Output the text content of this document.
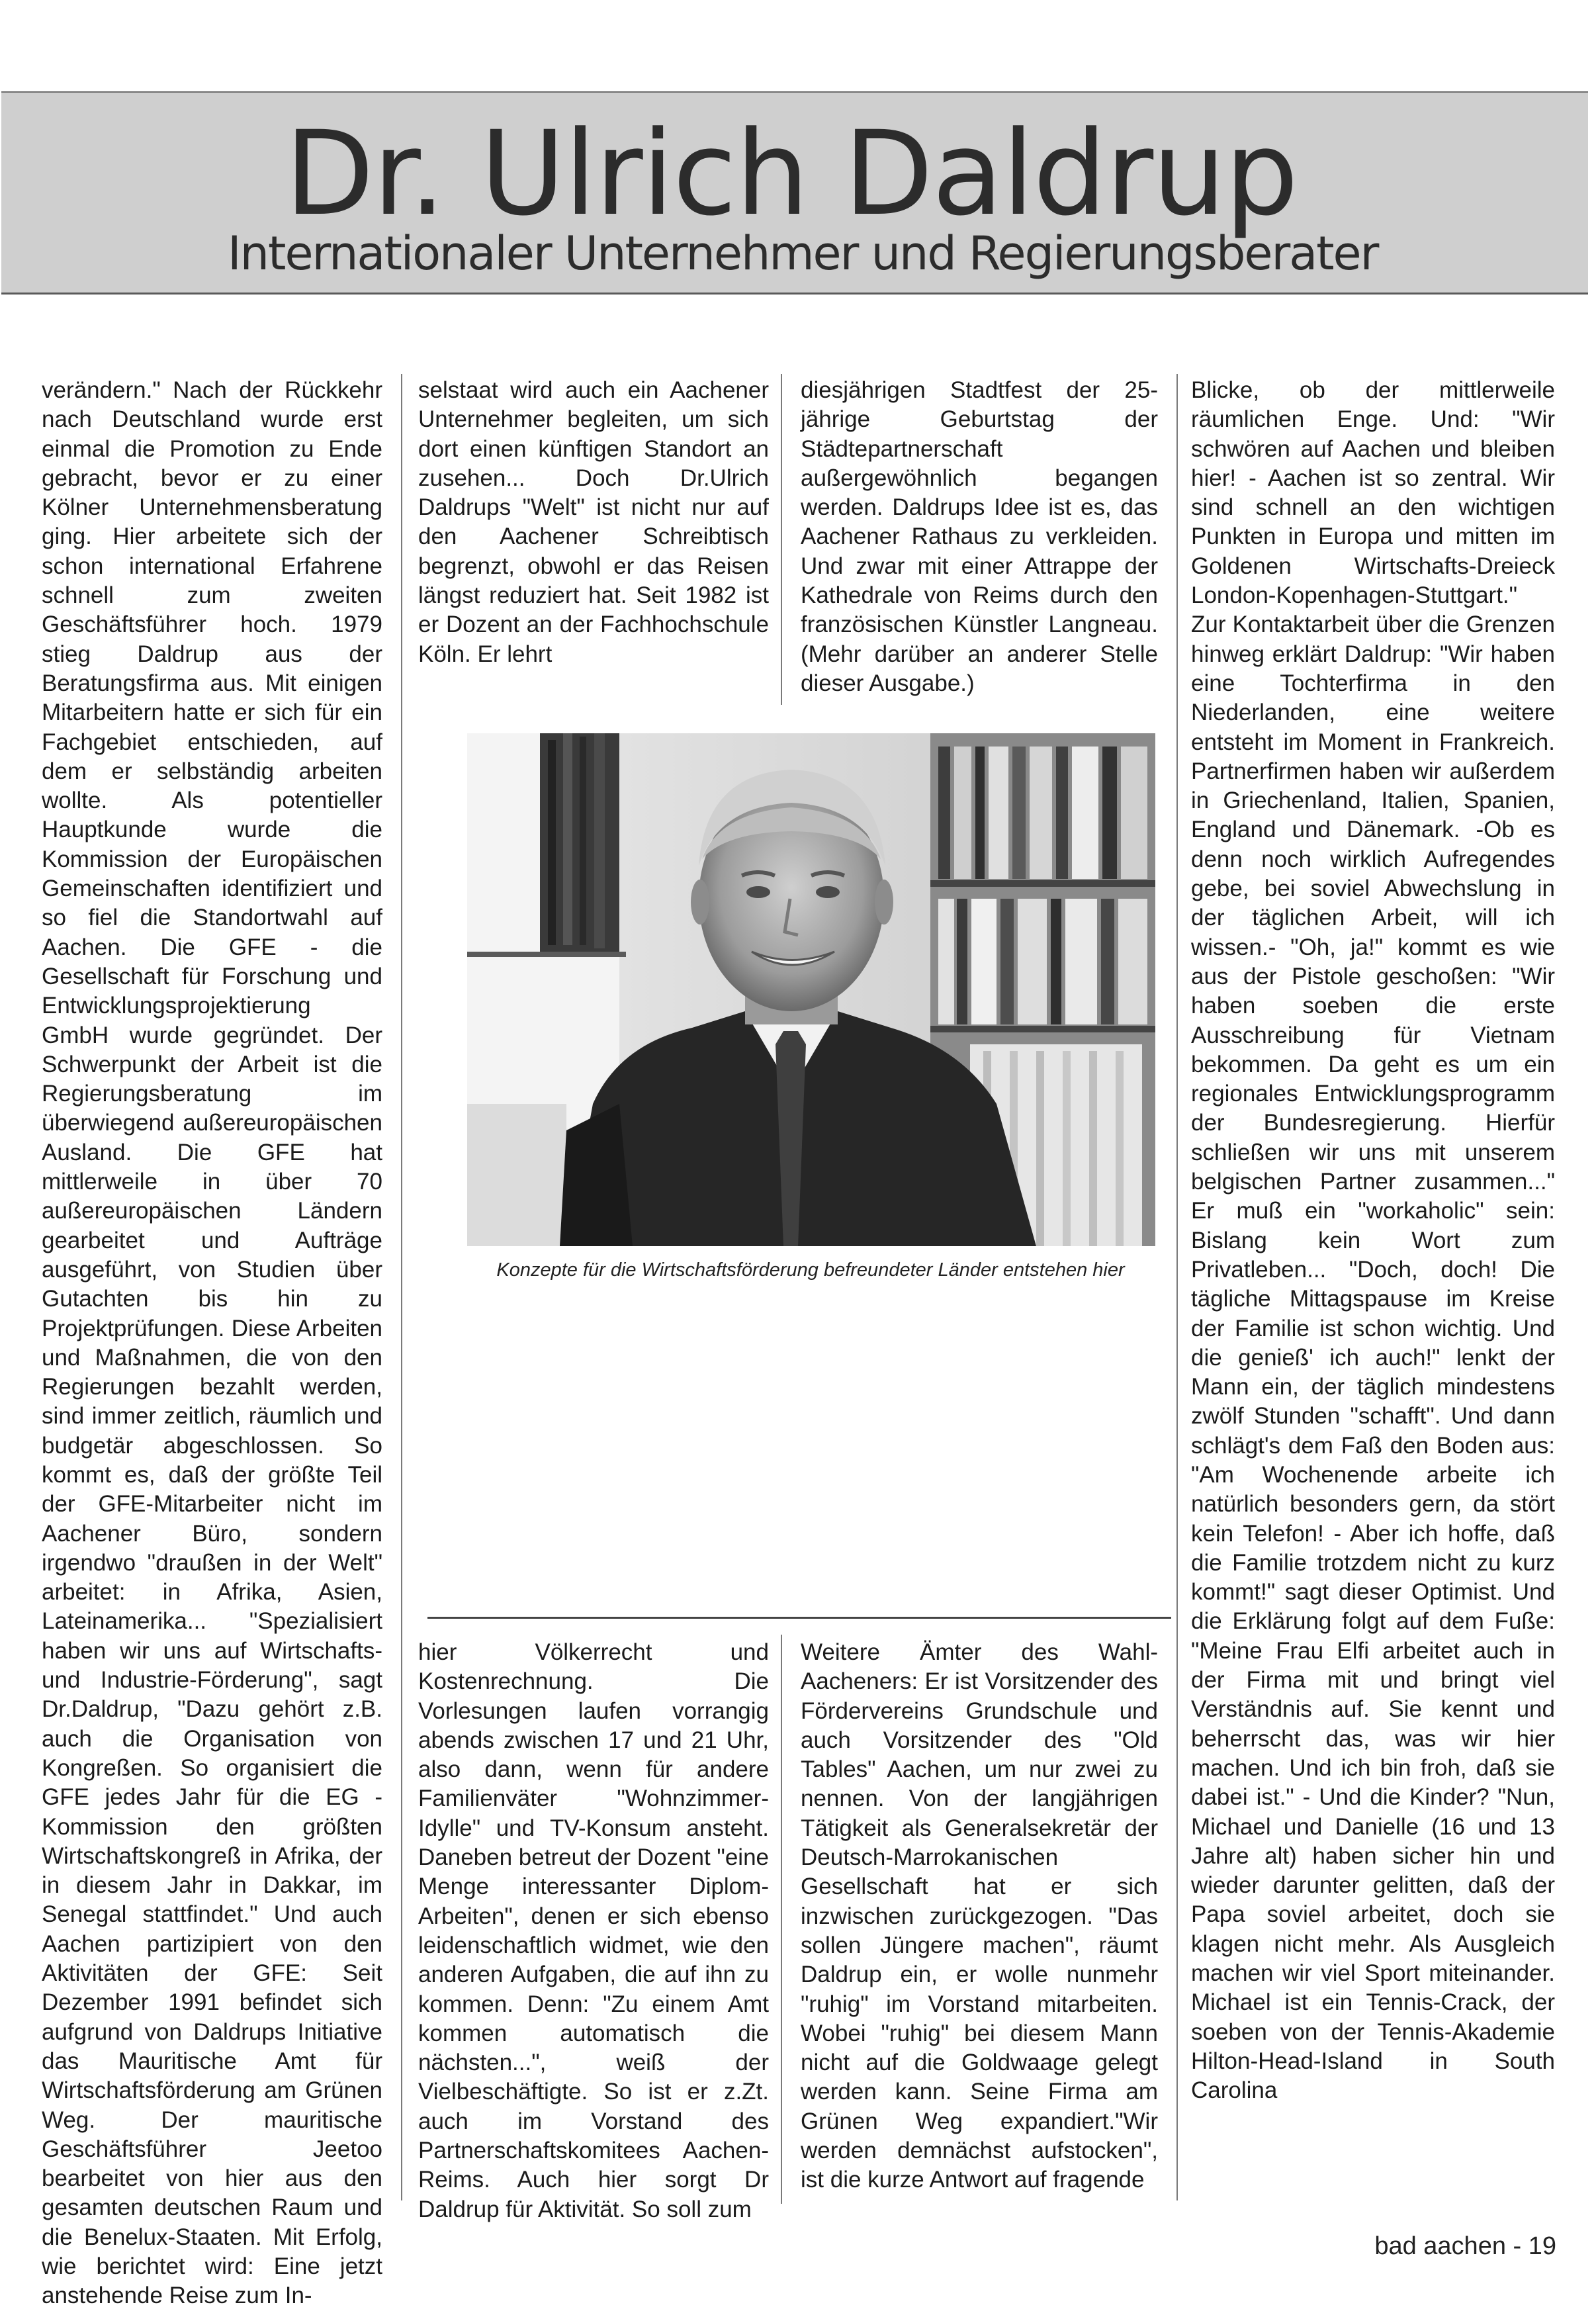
Dr. Ulrich Daldrup
Internationaler Unternehmer und Regierungsberater

verändern." Nach der Rückkehr nach Deutschland wurde erst einmal die Promotion zu Ende gebracht, bevor er zu einer Kölner Unternehmensberatung ging. Hier arbeitete sich der schon international Erfahrene schnell zum zweiten Geschäftsführer hoch. 1979 stieg Daldrup aus der Beratungsfirma aus. Mit einigen Mitarbeitern hatte er sich für ein Fachgebiet entschieden, auf dem er selbständig arbeiten wollte. Als potentieller Hauptkunde wurde die Kommission der Europäischen Gemeinschaften identifiziert und so fiel die Standortwahl auf Aachen. Die GFE - die Gesellschaft für Forschung und Entwicklungsprojektierung GmbH wurde gegründet. Der Schwerpunkt der Arbeit ist die Regierungsberatung im überwiegend außereuropäischen Ausland. Die GFE hat mittlerweile in über 70 außereuropäischen Ländern gearbeitet und Aufträge ausgeführt, von Studien über Gutachten bis hin zu Projektprüfungen. Diese Arbeiten und Maßnahmen, die von den Regierungen bezahlt werden, sind immer zeitlich, räumlich und budgetär abgeschlossen. So kommt es, daß der größte Teil der GFE-Mitarbeiter nicht im Aachener Büro, sondern irgendwo "draußen in der Welt" arbeitet: in Afrika, Asien, Lateinamerika... "Spezialisiert haben wir uns auf Wirtschafts- und Industrie-Förderung", sagt Dr.Daldrup, "Dazu gehört z.B. auch die Organisation von Kongreßen. So organisiert die GFE jedes Jahr für die EG - Kommission den größten Wirtschaftskongreß in Afrika, der in diesem Jahr in Dakkar, im Senegal stattfindet." Und auch Aachen partizipiert von den Aktivitäten der GFE: Seit Dezember 1991 befindet sich aufgrund von Daldrups Initiative das Mauritische Amt für Wirtschaftsförderung am Grünen Weg. Der mauritische Geschäftsführer Jeetoo bearbeitet von hier aus den gesamten deutschen Raum und die Benelux-Staaten. Mit Erfolg, wie berichtet wird: Eine jetzt anstehende Reise zum In-

selstaat wird auch ein Aachener Unternehmer begleiten, um sich dort einen künftigen Standort an zusehen... Doch Dr.Ulrich Daldrups "Welt" ist nicht nur auf den Aachener Schreibtisch begrenzt, obwohl er das Reisen längst reduziert hat. Seit 1982 ist er Dozent an der Fachhochschule Köln. Er lehrt

diesjährigen Stadtfest der 25-jährige Geburtstag der Städtepartnerschaft außergewöhnlich begangen werden. Daldrups Idee ist es, das Aachener Rathaus zu verkleiden. Und zwar mit einer Attrappe der Kathedrale von Reims durch den französischen Künstler Langneau. (Mehr darüber an anderer Stelle dieser Ausgabe.)

Blicke, ob der mittlerweile räumlichen Enge. Und: "Wir schwören auf Aachen und bleiben hier! - Aachen ist so zentral. Wir sind schnell an den wichtigen Punkten in Europa und mitten im Goldenen Wirtschafts-Dreieck London-Kopenhagen-Stuttgart." Zur Kontaktarbeit über die Grenzen hinweg erklärt Daldrup: "Wir haben eine Tochterfirma in den Niederlanden, eine weitere entsteht im Moment in Frankreich. Partnerfirmen haben wir außerdem in Griechenland, Italien, Spanien, England und Dänemark. -Ob es denn noch wirklich Aufregendes gebe, bei soviel Abwechslung in der täglichen Arbeit, will ich wissen.- "Oh, ja!" kommt es wie aus der Pistole geschoßen: "Wir haben soeben die erste Ausschreibung für Vietnam bekommen. Da geht es um ein regionales Entwicklungsprogramm der Bundesregierung. Hierfür schließen wir uns mit unserem belgischen Partner zusammen..." Er muß ein "workaholic" sein: Bislang kein Wort zum Privatleben... "Doch, doch! Die tägliche Mittagspause im Kreise der Familie ist schon wichtig. Und die genieß' ich auch!" lenkt der Mann ein, der täglich mindestens zwölf Stunden "schafft". Und dann schlägt's dem Faß den Boden aus: "Am Wochenende arbeite ich natürlich besonders gern, da stört kein Telefon! - Aber ich hoffe, daß die Familie trotzdem nicht zu kurz kommt!" sagt dieser Optimist. Und die Erklärung folgt auf dem Fuße: "Meine Frau Elfi arbeitet auch in der Firma mit und bringt viel Verständnis auf. Sie kennt und beherrscht das, was wir hier machen. Und ich bin froh, daß sie dabei ist." - Und die Kinder? "Nun, Michael und Danielle (16 und 13 Jahre alt) haben sicher hin und wieder darunter gelitten, daß der Papa soviel arbeitet, doch sie klagen nicht mehr. Als Ausgleich machen wir viel Sport miteinander. Michael ist ein Tennis-Crack, der soeben von der Tennis-Akademie Hilton-Head-Island in South Carolina

Konzepte für die Wirtschaftsförderung befreundeter Länder entstehen hier

hier Völkerrecht und Kostenrechnung. Die Vorlesungen laufen vorrangig abends zwischen 17 und 21 Uhr, also dann, wenn für andere Familienväter "Wohnzimmer-Idylle" und TV-Konsum ansteht. Daneben betreut der Dozent "eine Menge interessanter Diplom-Arbeiten", denen er sich ebenso leidenschaftlich widmet, wie den anderen Aufgaben, die auf ihn zu kommen. Denn: "Zu einem Amt kommen automatisch die nächsten...", weiß der Vielbeschäftigte. So ist er z.Zt. auch im Vorstand des Partnerschaftskomitees Aachen-Reims. Auch hier sorgt Dr Daldrup für Aktivität. So soll zum

Weitere Ämter des Wahl-Aacheners: Er ist Vorsitzender des Fördervereins Grundschule und auch Vorsitzender des "Old Tables" Aachen, um nur zwei zu nennen. Von der langjährigen Tätigkeit als Generalsekretär der Deutsch-Marrokanischen Gesellschaft hat er sich inzwischen zurückgezogen. "Das sollen Jüngere machen", räumt Daldrup ein, er wolle nunmehr "ruhig" im Vorstand mitarbeiten. Wobei "ruhig" bei diesem Mann nicht auf die Goldwaage gelegt werden kann. Seine Firma am Grünen Weg expandiert."Wir werden demnächst aufstocken", ist die kurze Antwort auf fragende

bad aachen - 19
